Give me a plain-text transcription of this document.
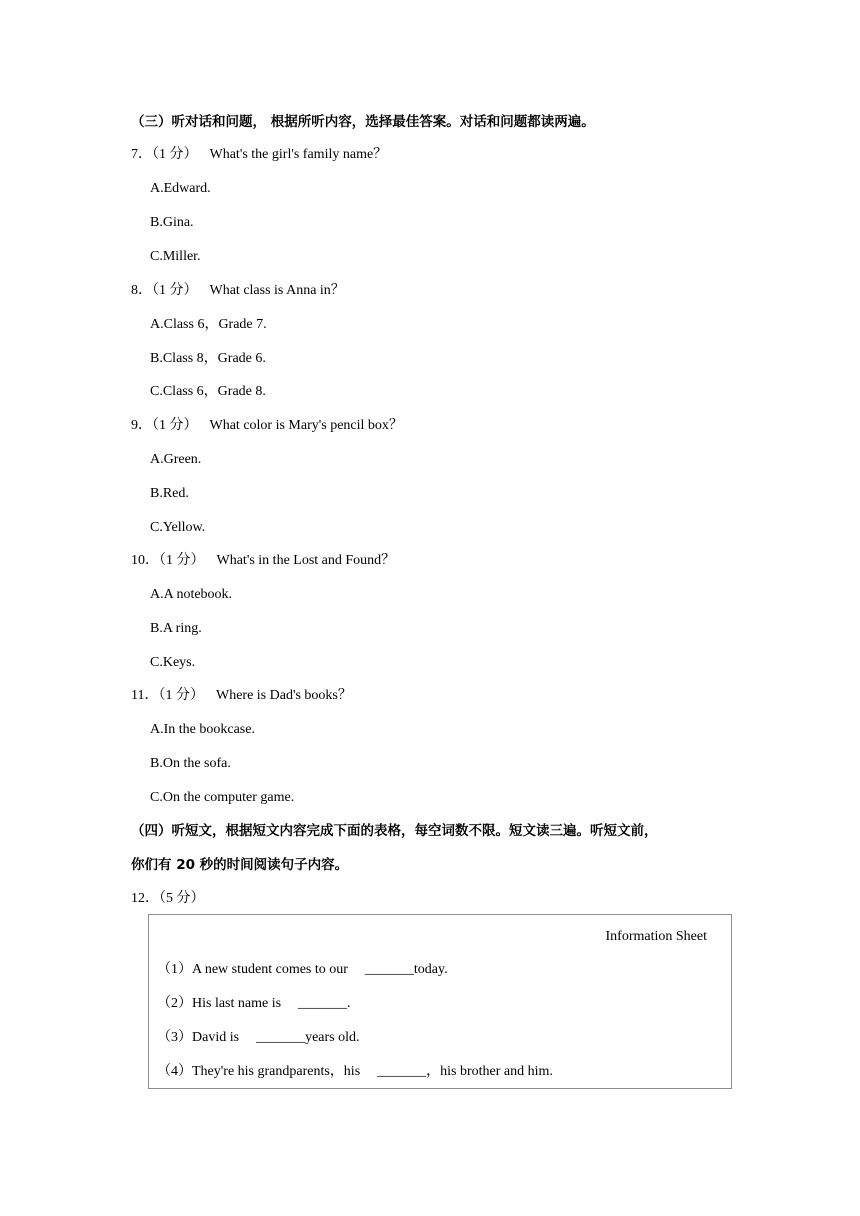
（三）听对话和问题， 根据所听内容，选择最佳答案。对话和问题都读两遍。
7．（1 分） What's the girl's family name？
A.Edward.
B.Gina.
C.Miller.
8．（1 分） What class is Anna in？
A.Class 6，Grade 7.
B.Class 8，Grade 6.
C.Class 6，Grade 8.
9．（1 分） What color is Mary's pencil box？
A.Green.
B.Red.
C.Yellow.
10．（1 分） What's in the Lost and Found？
A.A notebook.
B.A ring.
C.Keys.
11．（1 分） Where is Dad's books？
A.In the bookcase.
B.On the sofa.
C.On the computer game.
（四）听短文，根据短文内容完成下面的表格，每空词数不限。短文读三遍。听短文前，
你们有 20 秒的时间阅读句子内容。
12．（5 分）
Information Sheet
（1）A new student comes to our _______today.
（2）His last name is _______.
（3）David is _______years old.
（4）They're his grandparents，his _______，his brother and him.
